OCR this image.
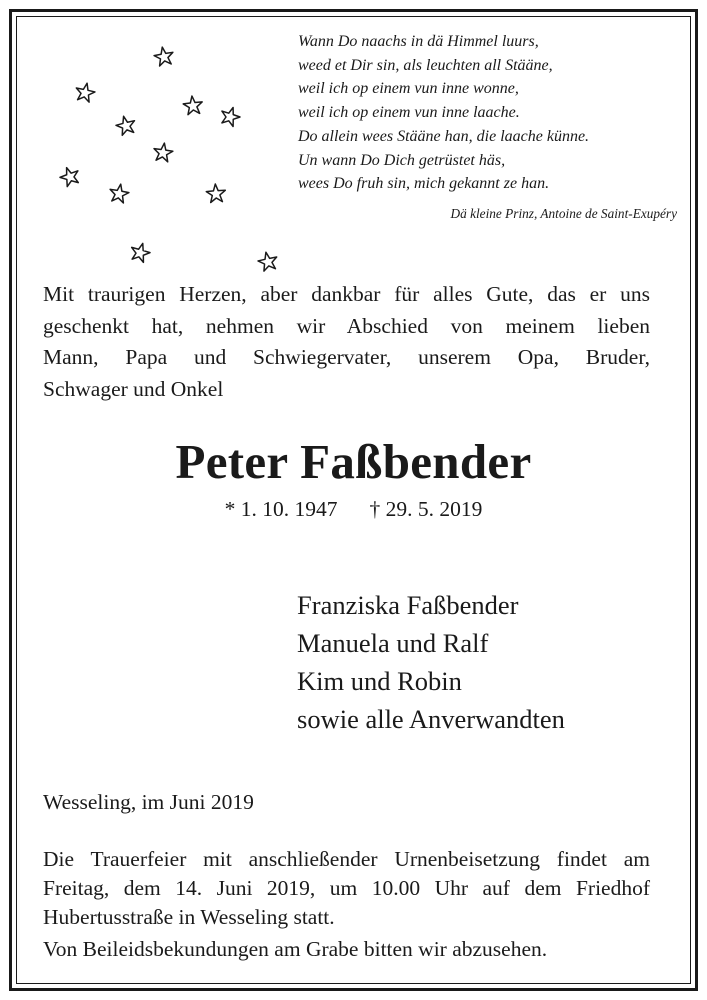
Wann Do naachs in dä Himmel luurs,
weed et Dir sin, als leuchten all Stääne,
weil ich op einem vun inne wonne,
weil ich op einem vun inne laache.
Do allein wees Stääne han, die laache künne.
Un wann Do Dich getrüstet häs,
wees Do fruh sin, mich gekannt ze han.
Dä kleine Prinz, Antoine de Saint-Exupéry
Mit traurigen Herzen, aber dankbar für alles Gute, das er uns
geschenkt hat, nehmen wir Abschied von meinem lieben
Mann, Papa und Schwiegervater, unserem Opa, Bruder,
Schwager und Onkel
Peter Faßbender
* 1. 10. 1947 † 29. 5. 2019
Franziska Faßbender
Manuela und Ralf
Kim und Robin
sowie alle Anverwandten
Wesseling, im Juni 2019
Die Trauerfeier mit anschließender Urnenbeisetzung findet am
Freitag, dem 14. Juni 2019, um 10.00 Uhr auf dem Friedhof
Hubertusstraße in Wesseling statt.
Von Beileidsbekundungen am Grabe bitten wir abzusehen.
